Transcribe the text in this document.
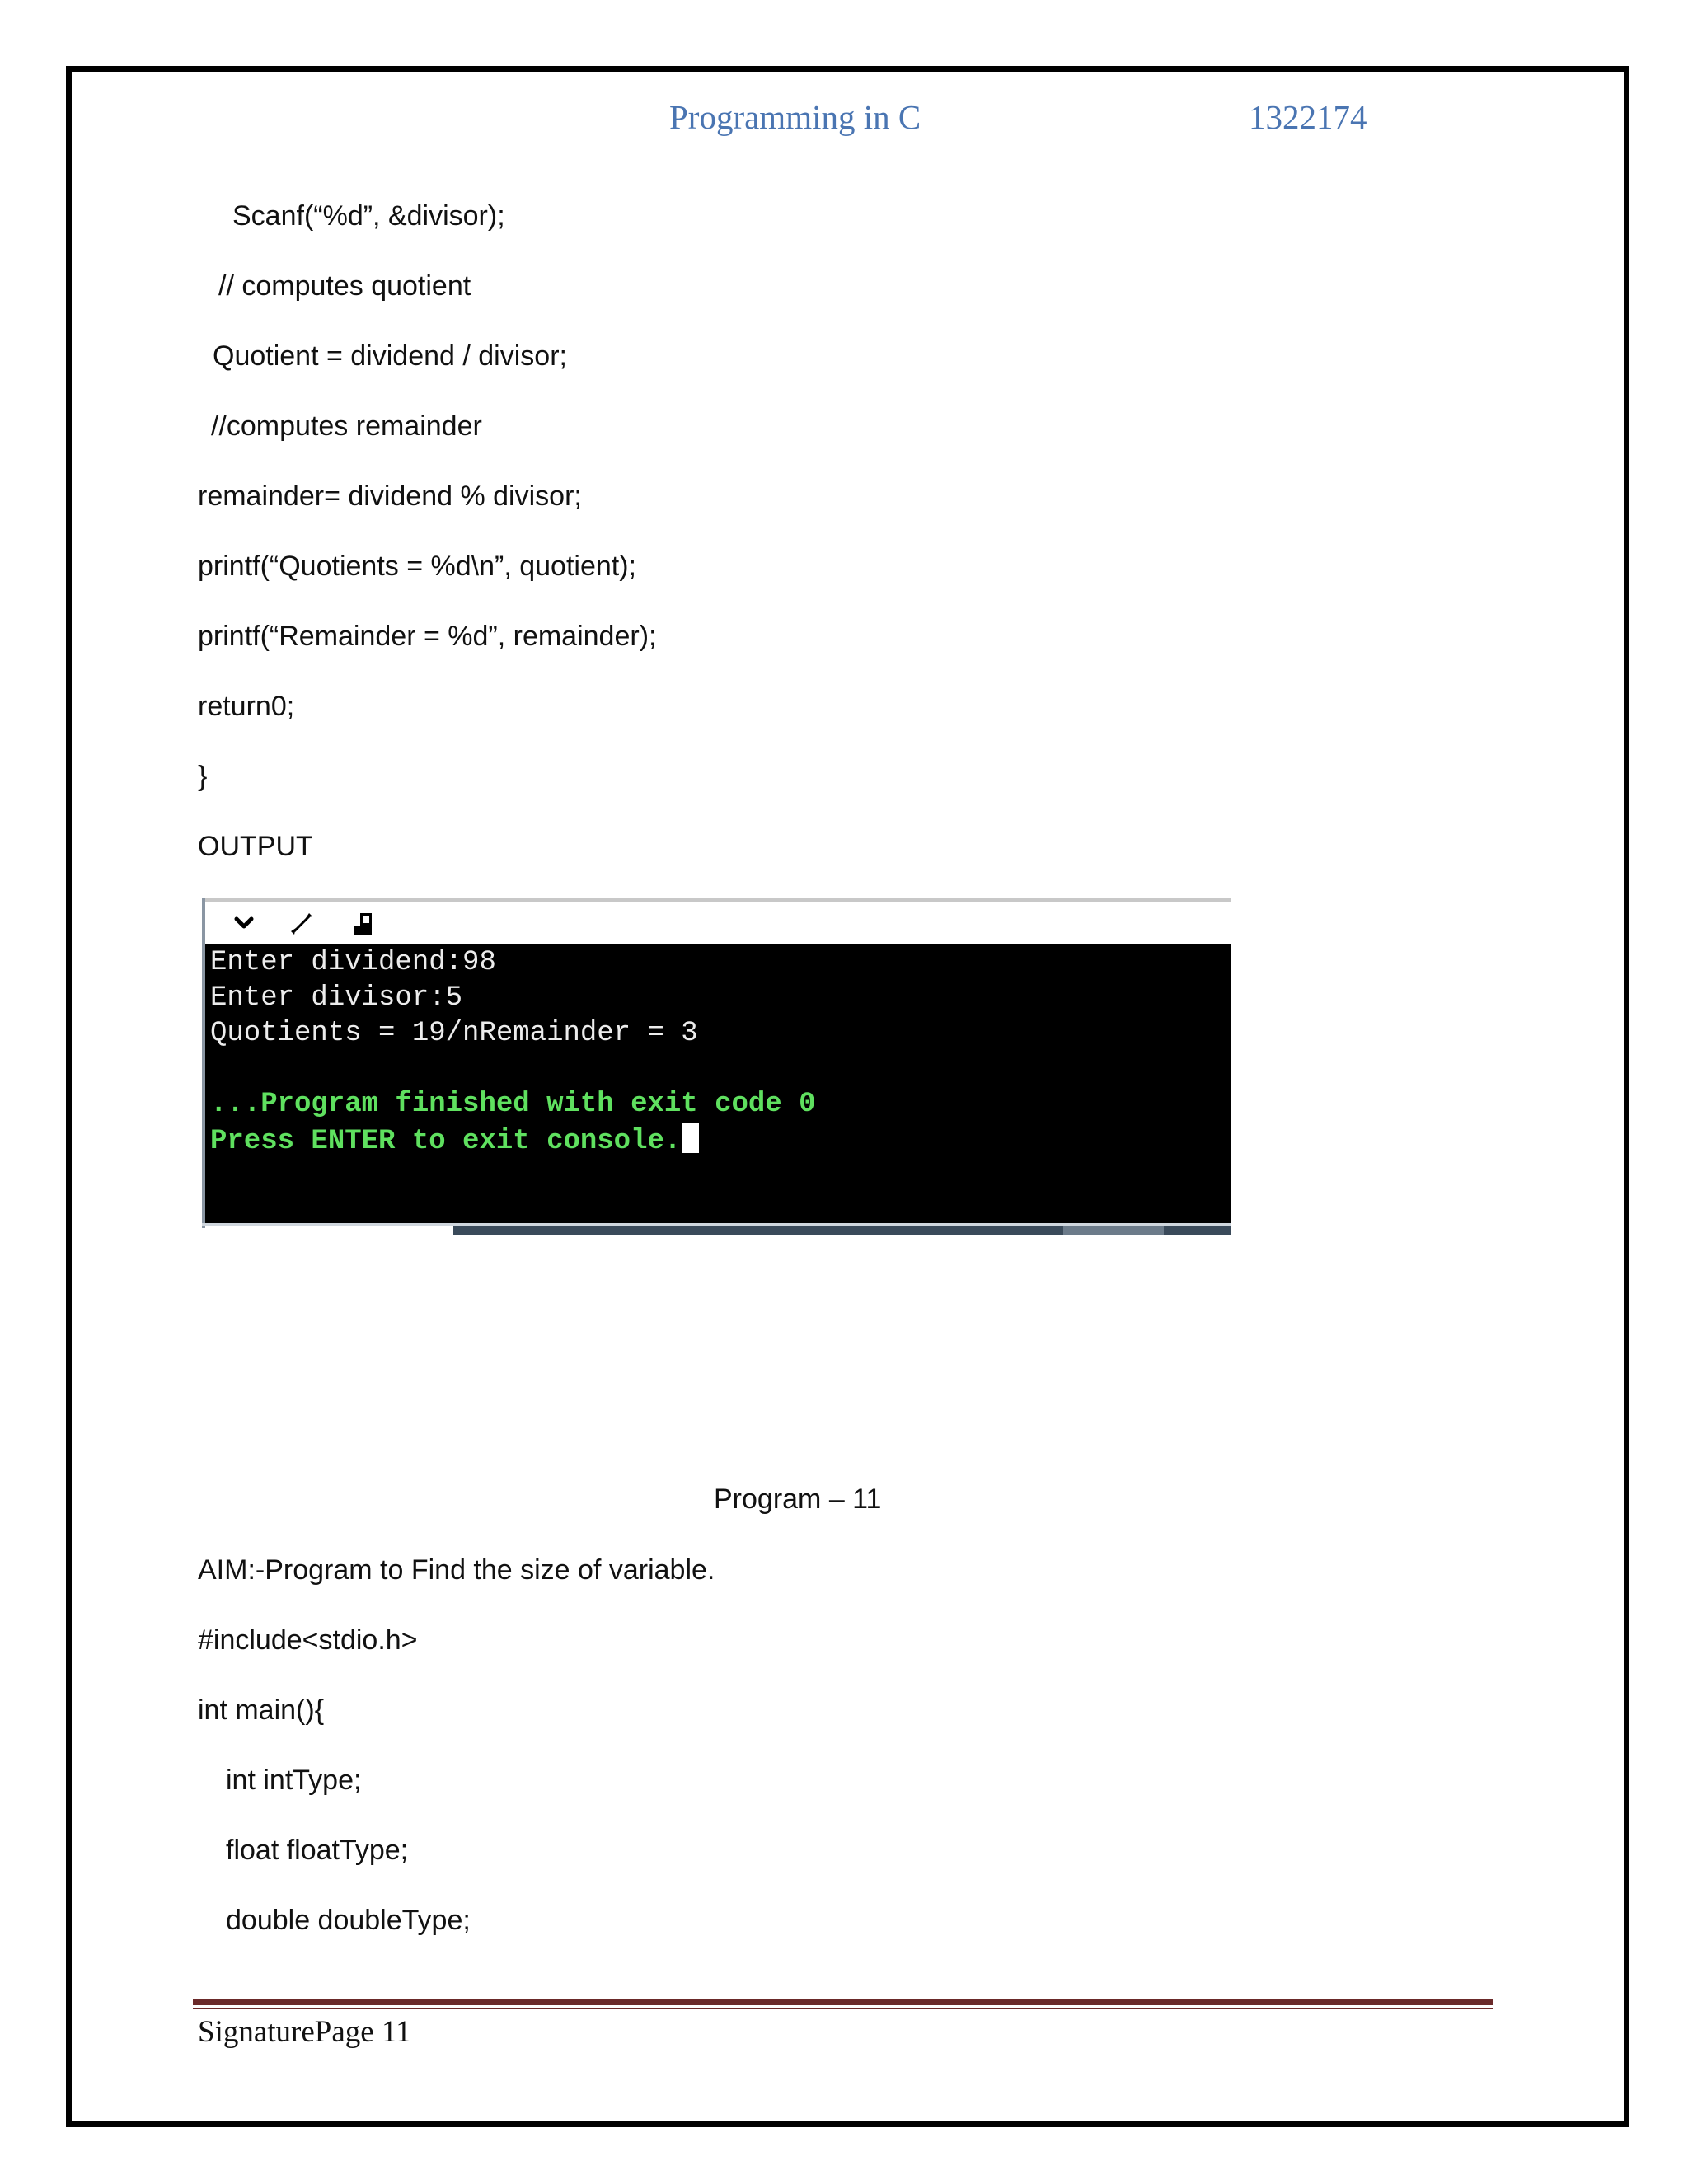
Programming in C	1322174
Scanf(“%d”, &divisor);
// computes quotient
Quotient = dividend / divisor;
//computes remainder
remainder= dividend % divisor;
printf(“Quotients = %d\n”, quotient);
printf(“Remainder = %d”, remainder);
return0;
}
OUTPUT
Enter dividend:98
Enter divisor:5
Quotients = 19/nRemainder = 3
...Program finished with exit code 0
Press ENTER to exit console.
Program – 11
AIM:-Program to Find the size of variable.
#include<stdio.h>
int main(){
int intType;
float floatType;
double doubleType;
SignaturePage 11
